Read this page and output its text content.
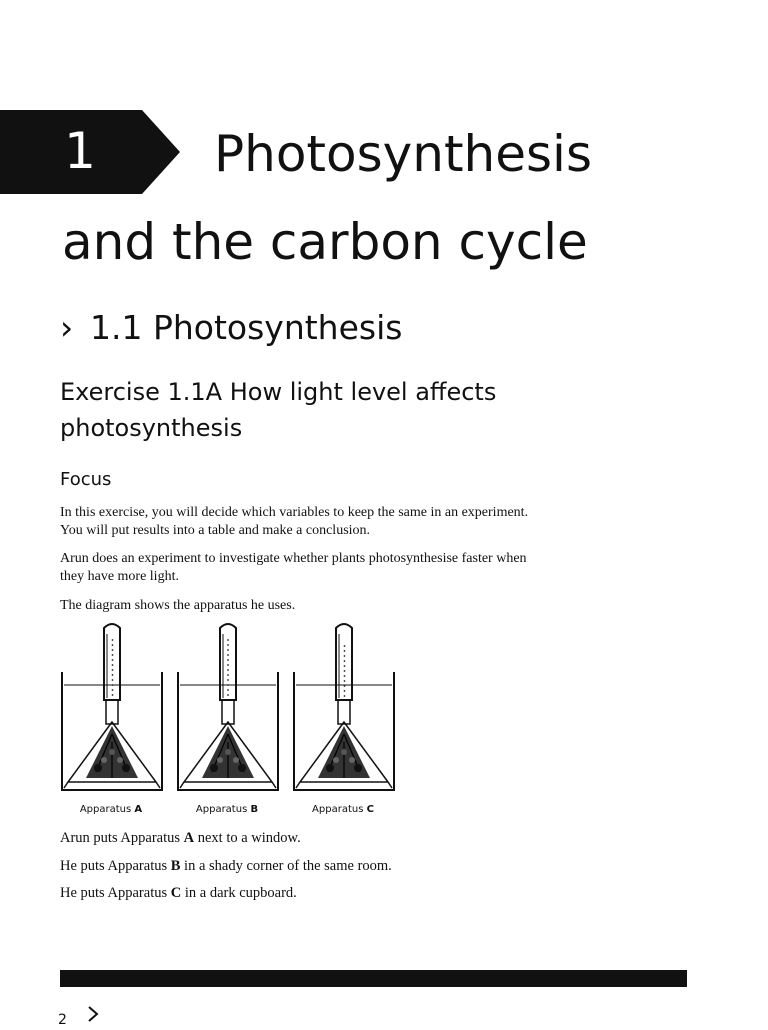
1	Photosynthesis
and the carbon cycle
› 1.1 Photosynthesis
Exercise 1.1A How light level affects photosynthesis
Focus

In this exercise, you will decide which variables to keep the same in an experiment. You will put results into a table and make a conclusion.

Arun does an experiment to investigate whether plants photosynthesise faster when they have more light.

The diagram shows the apparatus he uses.

Apparatus A	Apparatus B	Apparatus C

Arun puts Apparatus A next to a window.

He puts Apparatus B in a shady corner of the same room.

He puts Apparatus C in a dark cupboard.

2
